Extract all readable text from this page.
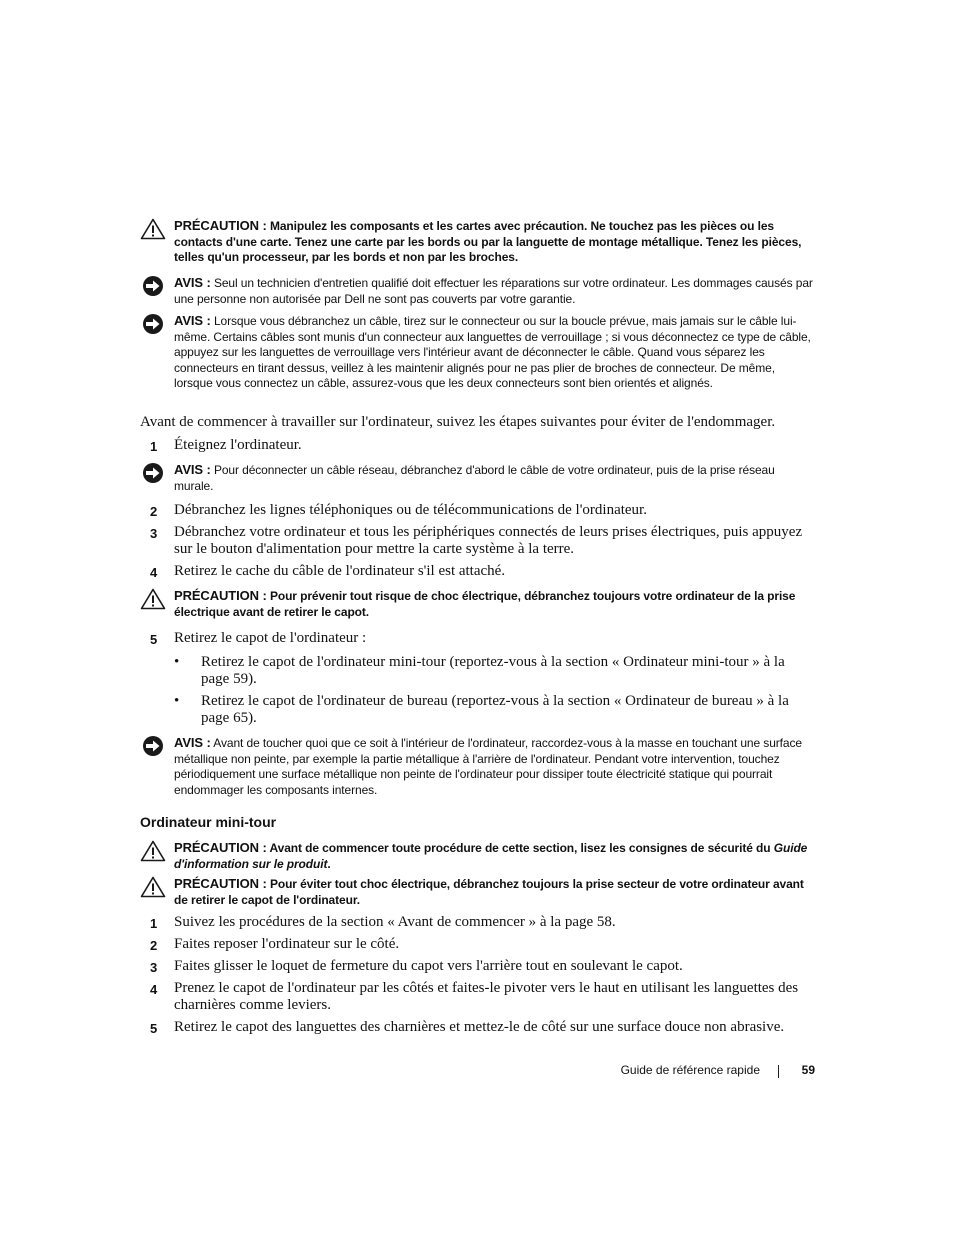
PRÉCAUTION : Manipulez les composants et les cartes avec précaution. Ne touchez pas les pièces ou les contacts d'une carte. Tenez une carte par les bords ou par la languette de montage métallique. Tenez les pièces, telles qu'un processeur, par les bords et non par les broches.
AVIS : Seul un technicien d'entretien qualifié doit effectuer les réparations sur votre ordinateur. Les dommages causés par une personne non autorisée par Dell ne sont pas couverts par votre garantie.
AVIS : Lorsque vous débranchez un câble, tirez sur le connecteur ou sur la boucle prévue, mais jamais sur le câble lui-même. Certains câbles sont munis d'un connecteur aux languettes de verrouillage ; si vous déconnectez ce type de câble, appuyez sur les languettes de verrouillage vers l'intérieur avant de déconnecter le câble. Quand vous séparez les connecteurs en tirant dessus, veillez à les maintenir alignés pour ne pas plier de broches de connecteur. De même, lorsque vous connectez un câble, assurez-vous que les deux connecteurs sont bien orientés et alignés.
Avant de commencer à travailler sur l'ordinateur, suivez les étapes suivantes pour éviter de l'endommager.
1 Éteignez l'ordinateur.
AVIS : Pour déconnecter un câble réseau, débranchez d'abord le câble de votre ordinateur, puis de la prise réseau murale.
2 Débranchez les lignes téléphoniques ou de télécommunications de l'ordinateur.
3 Débranchez votre ordinateur et tous les périphériques connectés de leurs prises électriques, puis appuyez sur le bouton d'alimentation pour mettre la carte système à la terre.
4 Retirez le cache du câble de l'ordinateur s'il est attaché.
PRÉCAUTION : Pour prévenir tout risque de choc électrique, débranchez toujours votre ordinateur de la prise électrique avant de retirer le capot.
5 Retirez le capot de l'ordinateur :
• Retirez le capot de l'ordinateur mini-tour (reportez-vous à la section « Ordinateur mini-tour » à la page 59).
• Retirez le capot de l'ordinateur de bureau (reportez-vous à la section « Ordinateur de bureau » à la page 65).
AVIS : Avant de toucher quoi que ce soit à l'intérieur de l'ordinateur, raccordez-vous à la masse en touchant une surface métallique non peinte, par exemple la partie métallique à l'arrière de l'ordinateur. Pendant votre intervention, touchez périodiquement une surface métallique non peinte de l'ordinateur pour dissiper toute électricité statique qui pourrait endommager les composants internes.
Ordinateur mini-tour
PRÉCAUTION : Avant de commencer toute procédure de cette section, lisez les consignes de sécurité du Guide d'information sur le produit.
PRÉCAUTION : Pour éviter tout choc électrique, débranchez toujours la prise secteur de votre ordinateur avant de retirer le capot de l'ordinateur.
1 Suivez les procédures de la section « Avant de commencer » à la page 58.
2 Faites reposer l'ordinateur sur le côté.
3 Faites glisser le loquet de fermeture du capot vers l'arrière tout en soulevant le capot.
4 Prenez le capot de l'ordinateur par les côtés et faites-le pivoter vers le haut en utilisant les languettes des charnières comme leviers.
5 Retirez le capot des languettes des charnières et mettez-le de côté sur une surface douce non abrasive.
Guide de référence rapide	59
